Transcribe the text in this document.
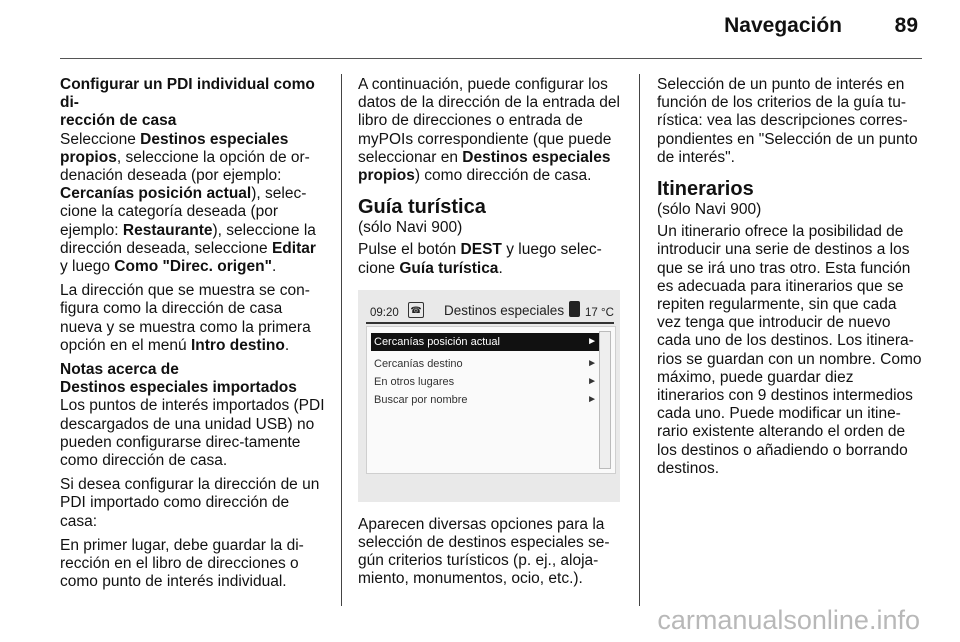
Navegación	89
Configurar un PDI individual como di-
rección de casa

Seleccione Destinos especiales propios, seleccione la opción de or-denación deseada (por ejemplo: Cercanías posición actual), selec-cione la categoría deseada (por ejemplo: Restaurante), seleccione la dirección deseada, seleccione Editar y luego Como "Direc. origen".

La dirección que se muestra se con-figura como la dirección de casa nueva y se muestra como la primera opción en el menú Intro destino.

Notas acerca de
Destinos especiales importados

Los puntos de interés importados (PDI descargados de una unidad USB) no pueden configurarse direc-tamente como dirección de casa.

Si desea configurar la dirección de un PDI importado como dirección de casa:

En primer lugar, debe guardar la di-rección en el libro de direcciones o como punto de interés individual.

A continuación, puede configurar los datos de la dirección de la entrada del libro de direcciones o entrada de myPOIs correspondiente (que puede seleccionar en Destinos especiales propios) como dirección de casa.

Guía turística

(sólo Navi 900)

Pulse el botón DEST y luego selec-cione Guía turística.

09:20 ☎ Destinos especiales 17 °C
Cercanías posición actual	►
Cercanías destino	►
En otros lugares	►
Buscar por nombre	►

Aparecen diversas opciones para la selección de destinos especiales se-gún criterios turísticos (p. ej., aloja-miento, monumentos, ocio, etc.).

Selección de un punto de interés en función de los criterios de la guía tu-rística: vea las descripciones corres-pondientes en "Selección de un punto de interés".

Itinerarios

(sólo Navi 900)

Un itinerario ofrece la posibilidad de introducir una serie de destinos a los que se irá uno tras otro. Esta función es adecuada para itinerarios que se repiten regularmente, sin que cada vez tenga que introducir de nuevo cada uno de los destinos. Los itinera-rios se guardan con un nombre. Como máximo, puede guardar diez itinerarios con 9 destinos intermedios cada uno. Puede modificar un itine-rario existente alterando el orden de los destinos o añadiendo o borrando destinos.

carmanualsonline.info
